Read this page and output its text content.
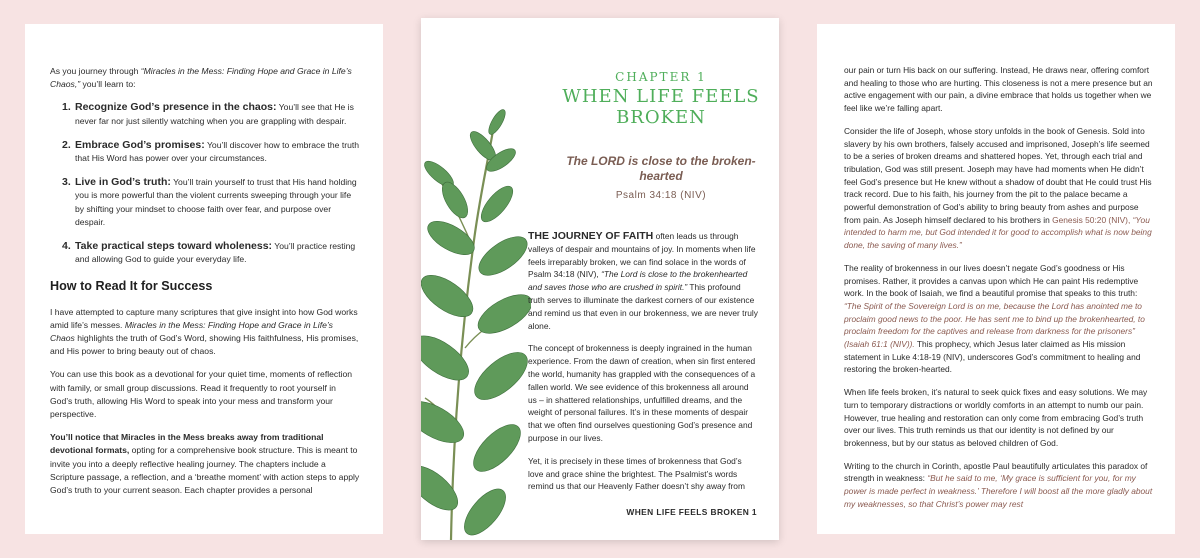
As you journey through “Miracles in the Mess: Finding Hope and Grace in Life’s Chaos,” you’ll learn to:

1. Recognize God’s presence in the chaos: You’ll see that He is never far nor just silently watching when you are grappling with despair.
2. Embrace God’s promises: You’ll discover how to embrace the truth that His Word has power over your circumstances.
3. Live in God’s truth: You’ll train yourself to trust that His hand holding you is more powerful than the violent currents sweeping through your life by shifting your mindset to choose faith over fear, and purpose over despair.
4. Take practical steps toward wholeness: You’ll practice resting and allowing God to guide your everyday life.
How to Read It for Success

I have attempted to capture many scriptures that give insight into how God works amid life’s messes. Miracles in the Mess: Finding Hope and Grace in Life’s Chaos highlights the truth of God’s Word, showing His faithfulness, His promises, and His power to bring beauty out of chaos.

You can use this book as a devotional for your quiet time, moments of reflection with family, or small group discussions. Read it frequently to root yourself in God’s truth, allowing His Word to speak into your mess and transform your perspective.

You’ll notice that Miracles in the Mess breaks away from traditional devotional formats, opting for a comprehensive book structure. This is meant to invite you into a deeply reflective healing journey. The chapters include a Scripture passage, a reflection, and a ‘breathe moment’ with action steps to apply God’s truth to your current season. Each chapter provides a personal

CHAPTER 1
WHEN LIFE FEELS BROKEN
The LORD is close to the broken-hearted
Psalm 34:18 (NIV)

THE JOURNEY OF FAITH often leads us through valleys of despair and mountains of joy. In moments when life feels irreparably broken, we can find solace in the words of Psalm 34:18 (NIV), “The Lord is close to the brokenhearted and saves those who are crushed in spirit.” This profound truth serves to illuminate the darkest corners of our existence and remind us that even in our brokenness, we are never truly alone.

The concept of brokenness is deeply ingrained in the human experience. From the dawn of creation, when sin first entered the world, humanity has grappled with the consequences of a fallen world. We see evidence of this brokenness all around us – in shattered relationships, unfulfilled dreams, and the weight of personal failures. It’s in these moments of despair that we often find ourselves questioning God’s presence and purpose in our lives.

Yet, it is precisely in these times of brokenness that God’s love and grace shine the brightest. The Psalmist’s words remind us that our Heavenly Father doesn’t shy away from

WHEN LIFE FEELS BROKEN 1

our pain or turn His back on our suffering. Instead, He draws near, offering comfort and healing to those who are hurting. This closeness is not a mere presence but an active engagement with our pain, a divine embrace that holds us together when we feel like we’re falling apart.

Consider the life of Joseph, whose story unfolds in the book of Genesis. Sold into slavery by his own brothers, falsely accused and imprisoned, Joseph’s life seemed to be a series of broken dreams and shattered hopes. Yet, through each trial and tribulation, God was still present. Joseph may have had moments when He didn’t feel God’s presence but He knew without a shadow of doubt that He could trust His track record. Due to his faith, his journey from the pit to the palace became a powerful demonstration of God’s ability to bring beauty from ashes and purpose from pain. As Joseph himself declared to his brothers in Genesis 50:20 (NIV), “You intended to harm me, but God intended it for good to accomplish what is now being done, the saving of many lives.”

The reality of brokenness in our lives doesn’t negate God’s goodness or His promises. Rather, it provides a canvas upon which He can paint His redemptive work. In the book of Isaiah, we find a beautiful promise that speaks to this truth: “The Spirit of the Sovereign Lord is on me, because the Lord has anointed me to proclaim good news to the poor. He has sent me to bind up the brokenhearted, to proclaim freedom for the captives and release from darkness for the prisoners” (Isaiah 61:1 (NIV)). This prophecy, which Jesus later claimed as His mission statement in Luke 4:18-19 (NIV), underscores God’s commitment to healing and restoring the broken-hearted.

When life feels broken, it’s natural to seek quick fixes and easy solutions. We may turn to temporary distractions or worldly comforts in an attempt to numb our pain. However, true healing and restoration can only come from embracing God’s truth over our lives. This truth reminds us that our identity is not defined by our brokenness, but by our status as beloved children of God.

Writing to the church in Corinth, apostle Paul beautifully articulates this paradox of strength in weakness: “But he said to me, ‘My grace is sufficient for you, for my power is made perfect in weakness.’ Therefore I will boost all the more gladly about my weaknesses, so that Christ’s power may rest
